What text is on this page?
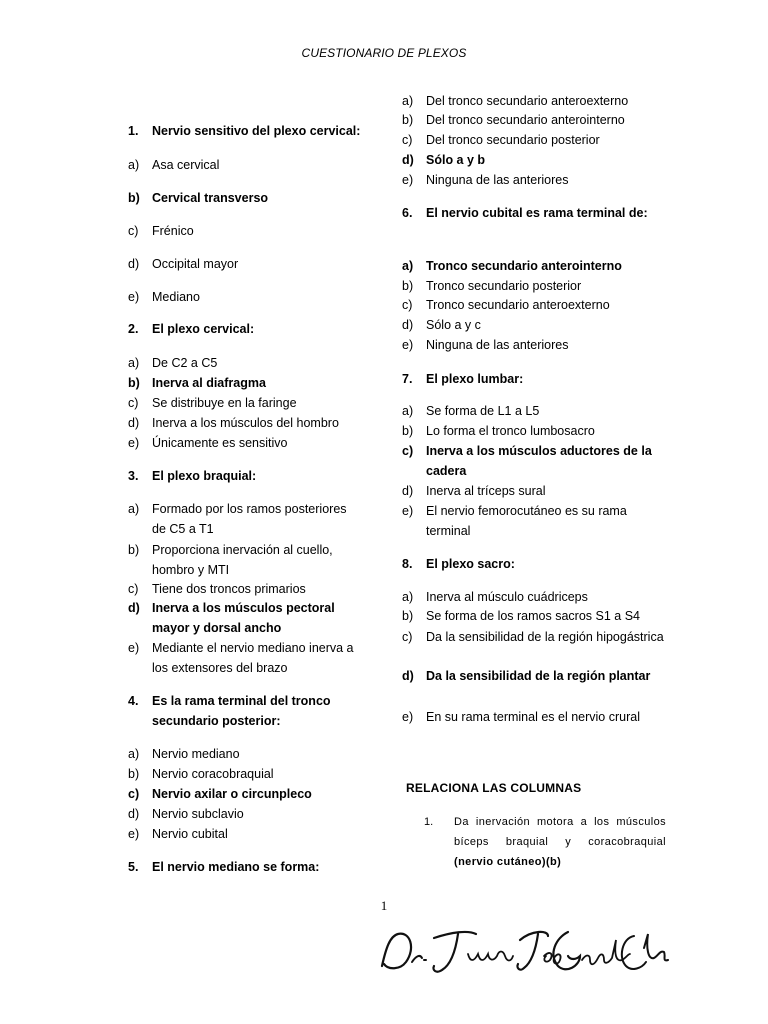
CUESTIONARIO DE PLEXOS
1. Nervio sensitivo del plexo cervical:
a) Asa cervical
b) Cervical transverso
c) Frénico
d) Occipital mayor
e) Mediano
2. El plexo cervical:
a) De C2 a C5
b) Inerva al diafragma
c) Se distribuye en la faringe
d) Inerva a los músculos del hombro
e) Únicamente es sensitivo
3. El plexo braquial:
a) Formado por los ramos posteriores de C5 a T1
b) Proporciona inervación al cuello, hombro y MTI
c) Tiene dos troncos primarios
d) Inerva a los músculos pectoral mayor y dorsal ancho
e) Mediante el nervio mediano inerva a los extensores del brazo
4. Es la rama terminal del tronco secundario posterior:
a) Nervio mediano
b) Nervio coracobraquial
c) Nervio axilar o circunpleco
d) Nervio subclavio
e) Nervio cubital
5. El nervio mediano se forma:
a) Del tronco secundario anteroexterno
b) Del tronco secundario anterointerno
c) Del tronco secundario posterior
d) Sólo a y b
e) Ninguna de las anteriores
6. El nervio cubital es rama terminal de:
a) Tronco secundario anterointerno
b) Tronco secundario posterior
c) Tronco secundario anteroexterno
d) Sólo a y c
e) Ninguna de las anteriores
7. El plexo lumbar:
a) Se forma de L1 a L5
b) Lo forma el tronco lumbosacro
c) Inerva a los músculos aductores de la cadera
d) Inerva al tríceps sural
e) El nervio femorocutáneo es su rama terminal
8. El plexo sacro:
a) Inerva al músculo cuádriceps
b) Se forma de los ramos sacros S1 a S4
c) Da la sensibilidad de la región hipogástrica
d) Da la sensibilidad de la región plantar
e) En su rama terminal es el nervio crural
RELACIONA LAS COLUMNAS
1. Da inervación motora a los músculos bíceps braquial y coracobraquial (nervio cutáneo)(b)
1
